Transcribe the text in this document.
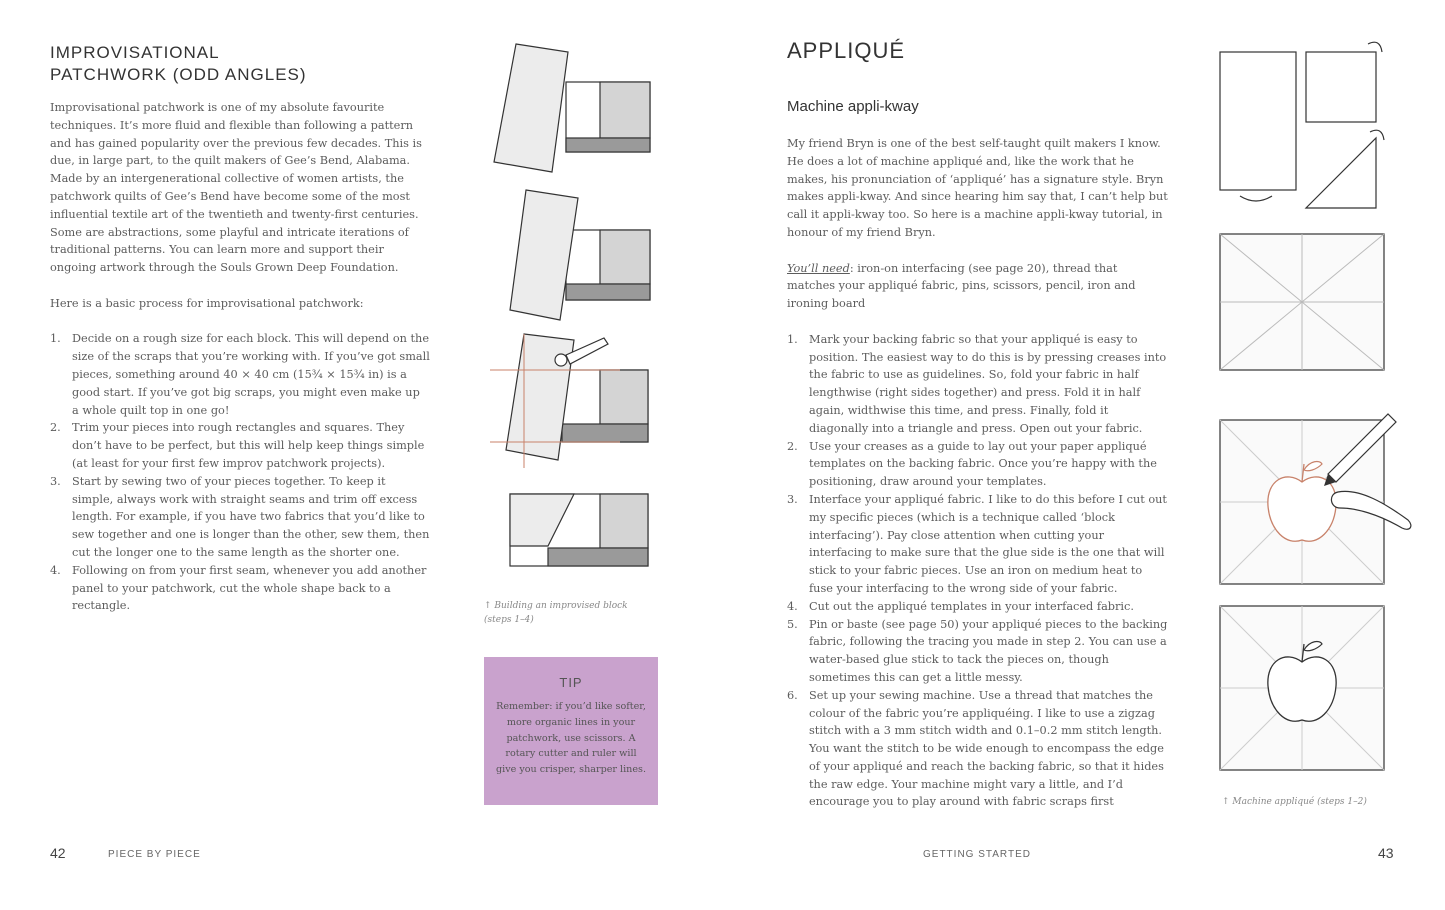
IMPROVISATIONAL
PATCHWORK (ODD ANGLES)

Improvisational patchwork is one of my absolute favourite techniques. It’s more fluid and flexible than following a pattern and has gained popularity over the previous few decades. This is due, in large part, to the quilt makers of Gee’s Bend, Alabama. Made by an intergenerational collective of women artists, the patchwork quilts of Gee’s Bend have become some of the most influential textile art of the twentieth and twenty-first centuries. Some are abstractions, some playful and intricate iterations of traditional patterns. You can learn more and support their ongoing artwork through the Souls Grown Deep Foundation.

Here is a basic process for improvisational patchwork:

1. Decide on a rough size for each block. This will depend on the size of the scraps that you’re working with. If you’ve got small pieces, something around 40 × 40 cm (15¾ × 15¾ in) is a good start. If you’ve got big scraps, you might even make up a whole quilt top in one go!
2. Trim your pieces into rough rectangles and squares. They don’t have to be perfect, but this will help keep things simple (at least for your first few improv patchwork projects).
3. Start by sewing two of your pieces together. To keep it simple, always work with straight seams and trim off excess length. For example, if you have two fabrics that you’d like to sew together and one is longer than the other, sew them, then cut the longer one to the same length as the shorter one.
4. Following on from your first seam, whenever you add another panel to your patchwork, cut the whole shape back to a rectangle.	↑ Building an improvised block (steps 1–4)
TIP
Remember: if you’d like softer, more organic lines in your patchwork, use scissors. A rotary cutter and ruler will give you crisper, sharper lines.
42	PIECE BY PIECE
APPLIQUÉ
Machine appli-kway

My friend Bryn is one of the best self-taught quilt makers I know. He does a lot of machine appliqué and, like the work that he makes, his pronunciation of ‘appliqué’ has a signature style. Bryn makes appli-kway. And since hearing him say that, I can’t help but call it appli-kway too. So here is a machine appli-kway tutorial, in honour of my friend Bryn.

You’ll need: iron-on interfacing (see page 20), thread that matches your appliqué fabric, pins, scissors, pencil, iron and ironing board

1. Mark your backing fabric so that your appliqué is easy to position. The easiest way to do this is by pressing creases into the fabric to use as guidelines. So, fold your fabric in half lengthwise (right sides together) and press. Fold it in half again, widthwise this time, and press. Finally, fold it diagonally into a triangle and press. Open out your fabric.
2. Use your creases as a guide to lay out your paper appliqué templates on the backing fabric. Once you’re happy with the positioning, draw around your templates.
3. Interface your appliqué fabric. I like to do this before I cut out my specific pieces (which is a technique called ‘block interfacing’). Pay close attention when cutting your interfacing to make sure that the glue side is the one that will stick to your fabric pieces. Use an iron on medium heat to fuse your interfacing to the wrong side of your fabric.
4. Cut out the appliqué templates in your interfaced fabric.
5. Pin or baste (see page 50) your appliqué pieces to the backing fabric, following the tracing you made in step 2. You can use a water-based glue stick to tack the pieces on, though sometimes this can get a little messy.
6. Set up your sewing machine. Use a thread that matches the colour of the fabric you’re appliquéing. I like to use a zigzag stitch with a 3 mm stitch width and 0.1–0.2 mm stitch length. You want the stitch to be wide enough to encompass the edge of your appliqué and reach the backing fabric, so that it hides the raw edge. Your machine might vary a little, and I’d encourage you to play around with fabric scraps first	↑ Machine appliqué (steps 1–2)
GETTING STARTED	43
